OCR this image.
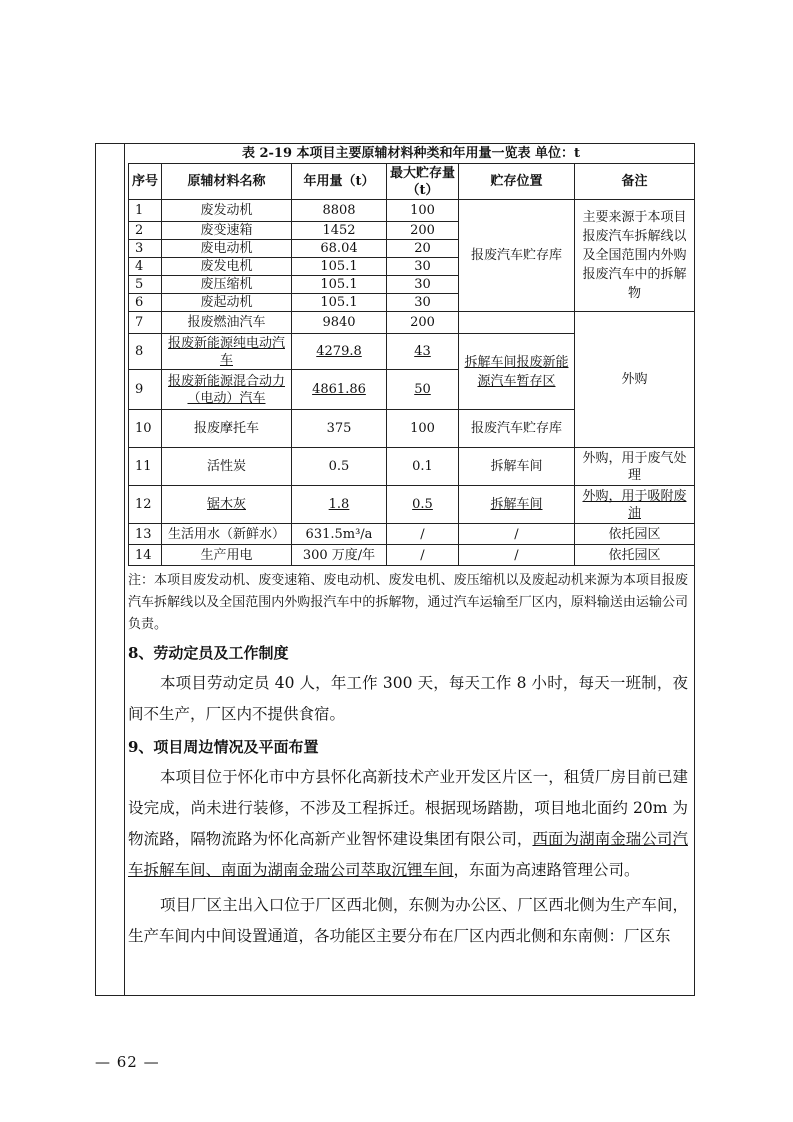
表 2-19 本项目主要原辅材料种类和年用量一览表 单位：t
序号	原辅材料名称	年用量（t）	最大贮存量（t）	贮存位置	备注
1	废发动机	8808	100	报废汽车贮存库	主要来源于本项目报废汽车拆解线以及全国范围内外购报废汽车中的拆解物
2	废变速箱	1452	200		
3	废电动机	68.04	20		
4	废发电机	105.1	30		
5	废压缩机	105.1	30		
6	废起动机	105.1	30		
7	报废燃油汽车	9840	200		外购
8	报废新能源纯电动汽车	4279.8	43	拆解车间报废新能源汽车暂存区	
9	报废新能源混合动力（电动）汽车	4861.86	50		
10	报废摩托车	375	100	报废汽车贮存库	
11	活性炭	0.5	0.1	拆解车间	外购，用于废气处理
12	锯木灰	1.8	0.5	拆解车间	外购，用于吸附废油
13	生活用水（新鲜水）	631.5m³/a	/	/	依托园区
14	生产用电	300 万度/年	/	/	依托园区
注：本项目废发动机、废变速箱、废电动机、废发电机、废压缩机以及废起动机来源为本项目报废汽车拆解线以及全国范围内外购报汽车中的拆解物，通过汽车运输至厂区内，原料输送由运输公司负责。
8、劳动定员及工作制度

本项目劳动定员 40 人，年工作 300 天，每天工作 8 小时，每天一班制，夜间不生产，厂区内不提供食宿。

9、项目周边情况及平面布置

本项目位于怀化市中方县怀化高新技术产业开发区片区一，租赁厂房目前已建设完成，尚未进行装修，不涉及工程拆迁。根据现场踏勘，项目地北面约 20m 为物流路，隔物流路为怀化高新产业智怀建设集团有限公司，西面为湖南金瑞公司汽车拆解车间、南面为湖南金瑞公司萃取沉锂车间，东面为高速路管理公司。

项目厂区主出入口位于厂区西北侧，东侧为办公区、厂区西北侧为生产车间，生产车间内中间设置通道，各功能区主要分布在厂区内西北侧和东南侧：厂区东

— 62 —
